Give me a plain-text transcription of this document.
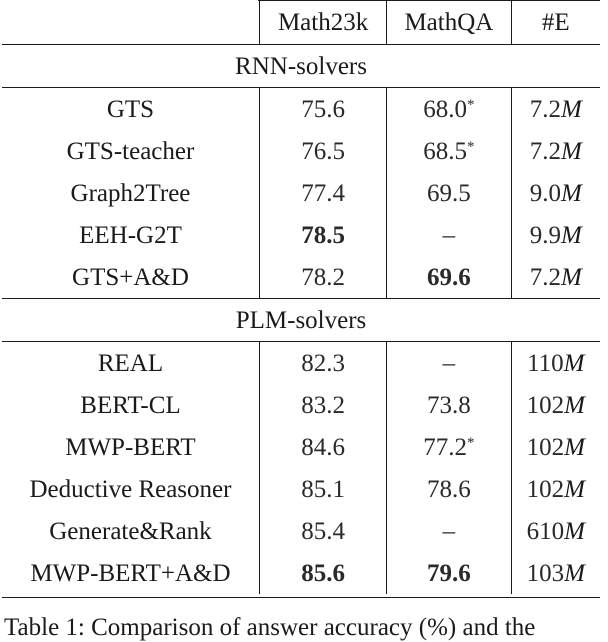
	Math23k	MathQA	#E
RNN-solvers			
GTS	75.6	68.0*	7.2M
GTS-teacher	76.5	68.5*	7.2M
Graph2Tree	77.4	69.5	9.0M
EEH-G2T	78.5	–	9.9M
GTS+A&D	78.2	69.6	7.2M
PLM-solvers			
REAL	82.3	–	110M
BERT-CL	83.2	73.8	102M
MWP-BERT	84.6	77.2*	102M
Deductive Reasoner	85.1	78.6	102M
Generate&Rank	85.4	–	610M
MWP-BERT+A&D	85.6	79.6	103M

Table 1: Comparison of answer accuracy (%) and the
